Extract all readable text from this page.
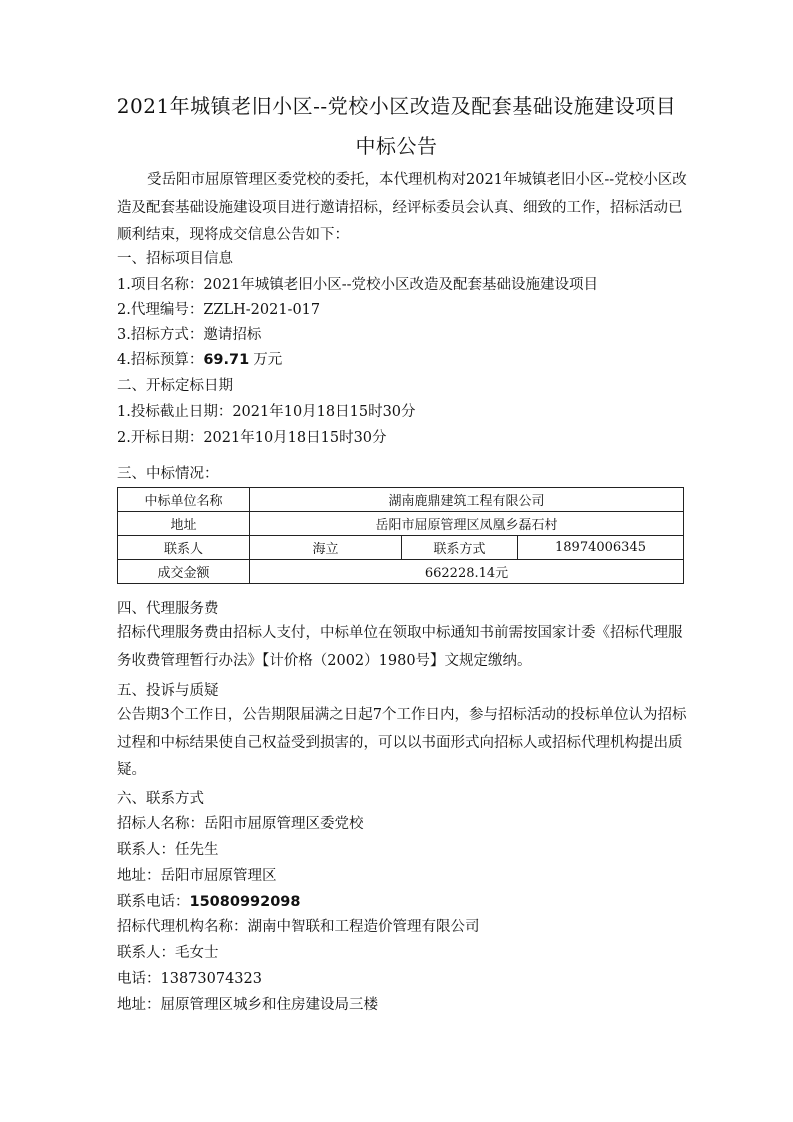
2021年城镇老旧小区--党校小区改造及配套基础设施建设项目
中标公告
受岳阳市屈原管理区委党校的委托，本代理机构对2021年城镇老旧小区--党校小区改造及配套基础设施建设项目进行邀请招标，经评标委员会认真、细致的工作，招标活动已顺利结束，现将成交信息公告如下：
一、招标项目信息
1.项目名称：2021年城镇老旧小区--党校小区改造及配套基础设施建设项目
2.代理编号：ZZLH-2021-017
3.招标方式：邀请招标
4.招标预算：69.71 万元
二、开标定标日期
1.投标截止日期：2021年10月18日15时30分
2.开标日期：2021年10月18日15时30分
三、中标情况：
中标单位名称	湖南鹿鼎建筑工程有限公司		
地址	岳阳市屈原管理区凤凰乡磊石村		
联系人	海立	联系方式	18974006345
成交金额	662228.14元		
四、代理服务费
招标代理服务费由招标人支付，中标单位在领取中标通知书前需按国家计委《招标代理服务收费管理暂行办法》【计价格（2002）1980号】文规定缴纳。
五、投诉与质疑
公告期3个工作日，公告期限届满之日起7个工作日内，参与招标活动的投标单位认为招标过程和中标结果使自己权益受到损害的，可以以书面形式向招标人或招标代理机构提出质疑。
六、联系方式
招标人名称：岳阳市屈原管理区委党校
联系人：任先生
地址：岳阳市屈原管理区
联系电话：15080992098
招标代理机构名称：湖南中智联和工程造价管理有限公司
联系人：毛女士
电话：13873074323
地址：屈原管理区城乡和住房建设局三楼
